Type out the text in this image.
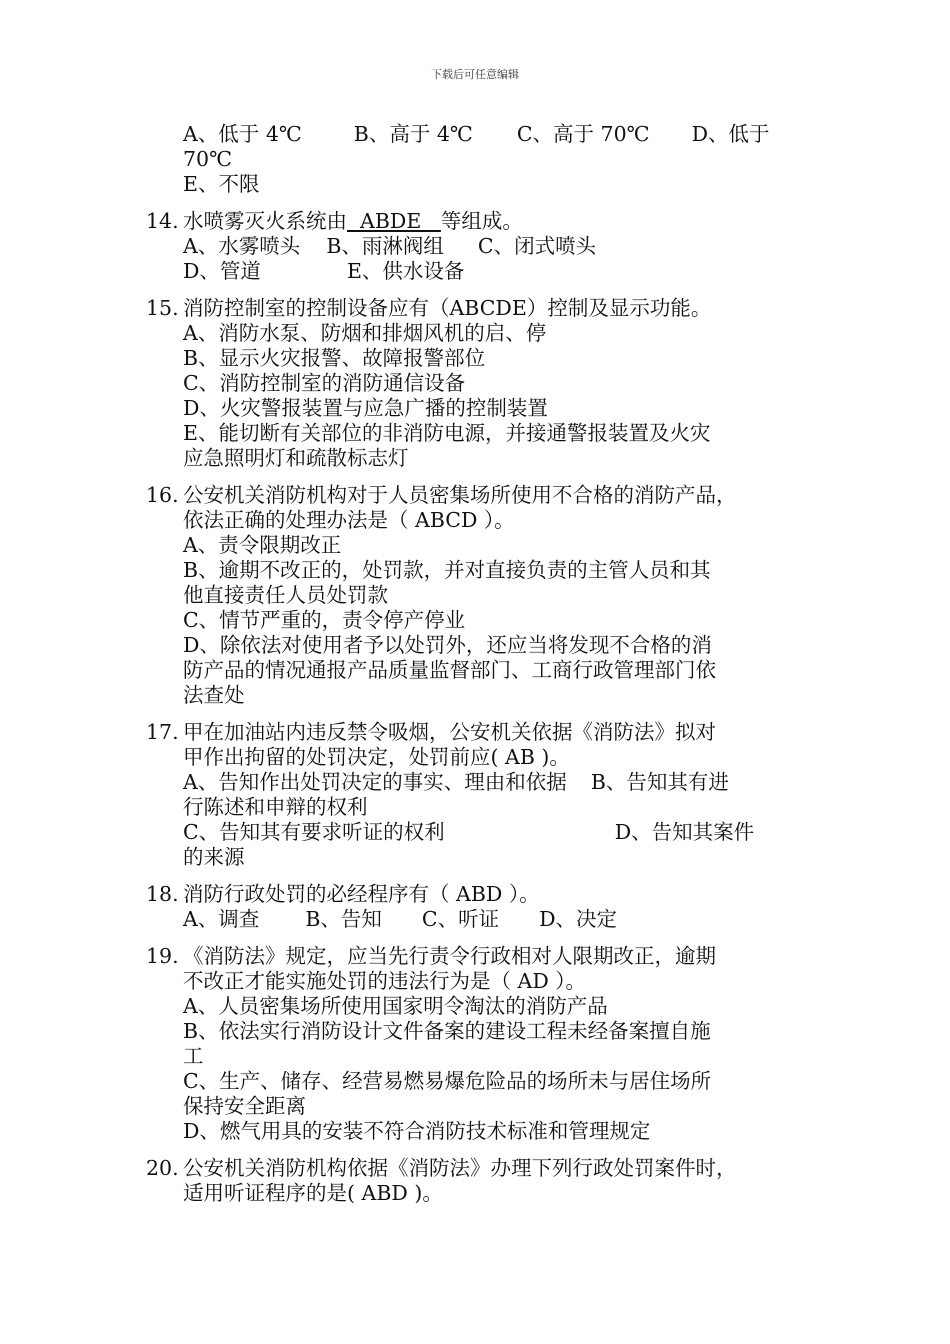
下载后可任意编辑
A、低于 4℃	B、高于 4℃ C、高于 70℃ D、低于
70℃
E、不限
14. 水喷雾灭火系统由  ABDE   等组成。
A、水雾喷头 B、雨淋阀组 C、闭式喷头
D、管道	E、供水设备
15. 消防控制室的控制设备应有（ABCDE）控制及显示功能。
A、消防水泵、防烟和排烟风机的启、停
B、显示火灾报警、故障报警部位
C、消防控制室的消防通信设备
D、火灾警报装置与应急广播的控制装置
E、能切断有关部位的非消防电源，并接通警报装置及火灾
应急照明灯和疏散标志灯
16. 公安机关消防机构对于人员密集场所使用不合格的消防产品，
依法正确的处理办法是（ ABCD ）。
A、责令限期改正
B、逾期不改正的，处罚款，并对直接负责的主管人员和其
他直接责任人员处罚款
C、情节严重的，责令停产停业
D、除依法对使用者予以处罚外，还应当将发现不合格的消
防产品的情况通报产品质量监督部门、工商行政管理部门依
法查处
17. 甲在加油站内违反禁令吸烟，公安机关依据《消防法》拟对
甲作出拘留的处罚决定，处罚前应( AB )。
A、告知作出处罚决定的事实、理由和依据 B、告知其有进
行陈述和申辩的权利
C、告知其有要求听证的权利	D、告知其案件
的来源
18. 消防行政处罚的必经程序有（ ABD ）。
A、调查 B、告知 C、听证 D、决定
19. 《消防法》规定，应当先行责令行政相对人限期改正，逾期
不改正才能实施处罚的违法行为是（ AD ）。
A、人员密集场所使用国家明令淘汰的消防产品
B、依法实行消防设计文件备案的建设工程未经备案擅自施
工
C、生产、储存、经营易燃易爆危险品的场所未与居住场所
保持安全距离
D、燃气用具的安装不符合消防技术标准和管理规定
20. 公安机关消防机构依据《消防法》办理下列行政处罚案件时，
适用听证程序的是( ABD )。
